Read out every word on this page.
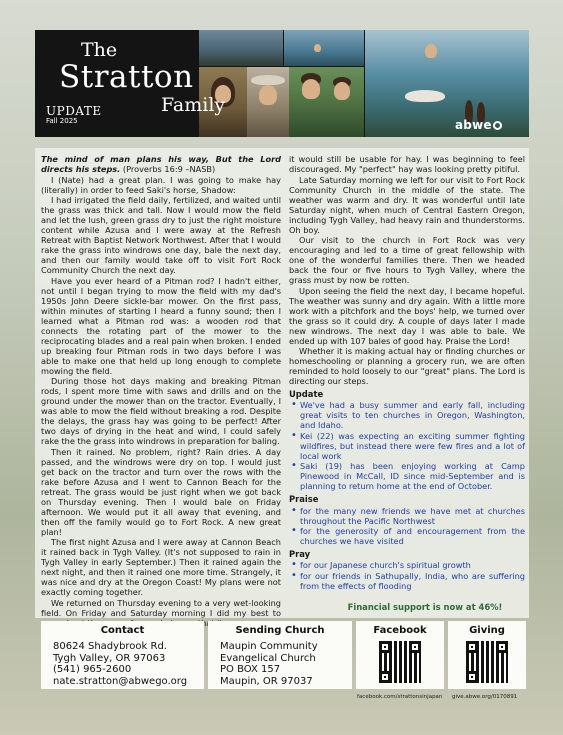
The
Stratton
Family
UPDATE
Fall 2025	abwe

The mind of man plans his way, But the Lord directs his steps. (Proverbs 16:9 –NASB)

I (Nate) had a great plan. I was going to make hay (literally) in order to feed Saki's horse, Shadow:

I had irrigated the field daily, fertilized, and waited until the grass was thick and tall. Now I would mow the field and let the lush, green grass dry to just the right moisture content while Azusa and I were away at the Refresh Retreat with Baptist Network Northwest. After that I would rake the grass into windrows one day, bale the next day, and then our family would take off to visit Fort Rock Community Church the next day.

Have you ever heard of a Pitman rod? I hadn't either, not until I began trying to mow the field with my dad's 1950s John Deere sickle-bar mower. On the first pass, within minutes of starting I heard a funny sound; then I learned what a Pitman rod was: a wooden rod that connects the rotating part of the mower to the reciprocating blades and a real pain when broken. I ended up breaking four Pitman rods in two days before I was able to make one that held up long enough to complete mowing the field.

During those hot days making and breaking Pitman rods, I spent more time with saws and drills and on the ground under the mower than on the tractor. Eventually, I was able to mow the field without breaking a rod. Despite the delays, the grass hay was going to be perfect! After two days of drying in the heat and wind, I could safely rake the the grass into windrows in preparation for baling.

Then it rained. No problem, right? Rain dries. A day passed, and the windrows were dry on top. I would just get back on the tractor and turn over the rows with the rake before Azusa and I went to Cannon Beach for the retreat. The grass would be just right when we got back on Thursday evening. Then I would bale on Friday afternoon. We would put it all away that evening, and then off the family would go to Fort Rock. A new great plan!

The first night Azusa and I were away at Cannon Beach it rained back in Tygh Valley. (It's not supposed to rain in Tygh Valley in early September.) Then it rained again the next night, and then it rained one more time. Strangely, it was nice and dry at the Oregon Coast! My plans were not exactly coming together.

We returned on Thursday evening to a very wet-looking field. On Friday and Saturday morning I did my best to that

it would still be usable for hay. I was beginning to feel discouraged. My "perfect" hay was looking pretty pitiful.

Late Saturday morning we left for our visit to Fort Rock Community Church in the middle of the state. The weather was warm and dry. It was wonderful until late Saturday night, when much of Central Eastern Oregon, including Tygh Valley, had heavy rain and thunderstorms. Oh boy.

Our visit to the church in Fort Rock was very encouraging and led to a time of great fellowship with one of the wonderful families there. Then we headed back the four or five hours to Tygh Valley, where the grass must by now be rotten.

Upon seeing the field the next day, I became hopeful. The weather was sunny and dry again. With a little more work with a pitchfork and the boys' help, we turned over the grass so it could dry. A couple of days later I made new windrows. The next day I was able to bale. We ended up with 107 bales of good hay. Praise the Lord!

Whether it is making actual hay or finding churches or homeschooling or planning a grocery run, we are often reminded to hold loosely to our "great" plans. The Lord is directing our steps.

Update
• We've had a busy summer and early fall, including great visits to ten churches in Oregon, Washington, and Idaho.
• Kei (22) was expecting an exciting summer fighting wildfires, but instead there were few fires and a lot of local work
• Saki (19) has been enjoying working at Camp Pinewood in McCall, ID since mid-September and is planning to return home at the end of October.
Praise
• for the many new friends we have met at churches throughout the Pacific Northwest
• for the generosity of and encouragement from the churches we have visited
Pray
• for our Japanese church's spiritual growth
• for our friends in Sathupally, India, who are suffering from the effects of flooding
Financial support is now at 46%!
Contact
80624 Shadybrook Rd.
Tygh Valley, OR 97063
(541) 965-2600
nate.stratton@abwego.org
Sending Church
Maupin Community
Evangelical Church
PO BOX 157
Maupin, OR 97037
Facebook	Giving
facebook.com/strattonsinjapan give.abwe.org/0170891
